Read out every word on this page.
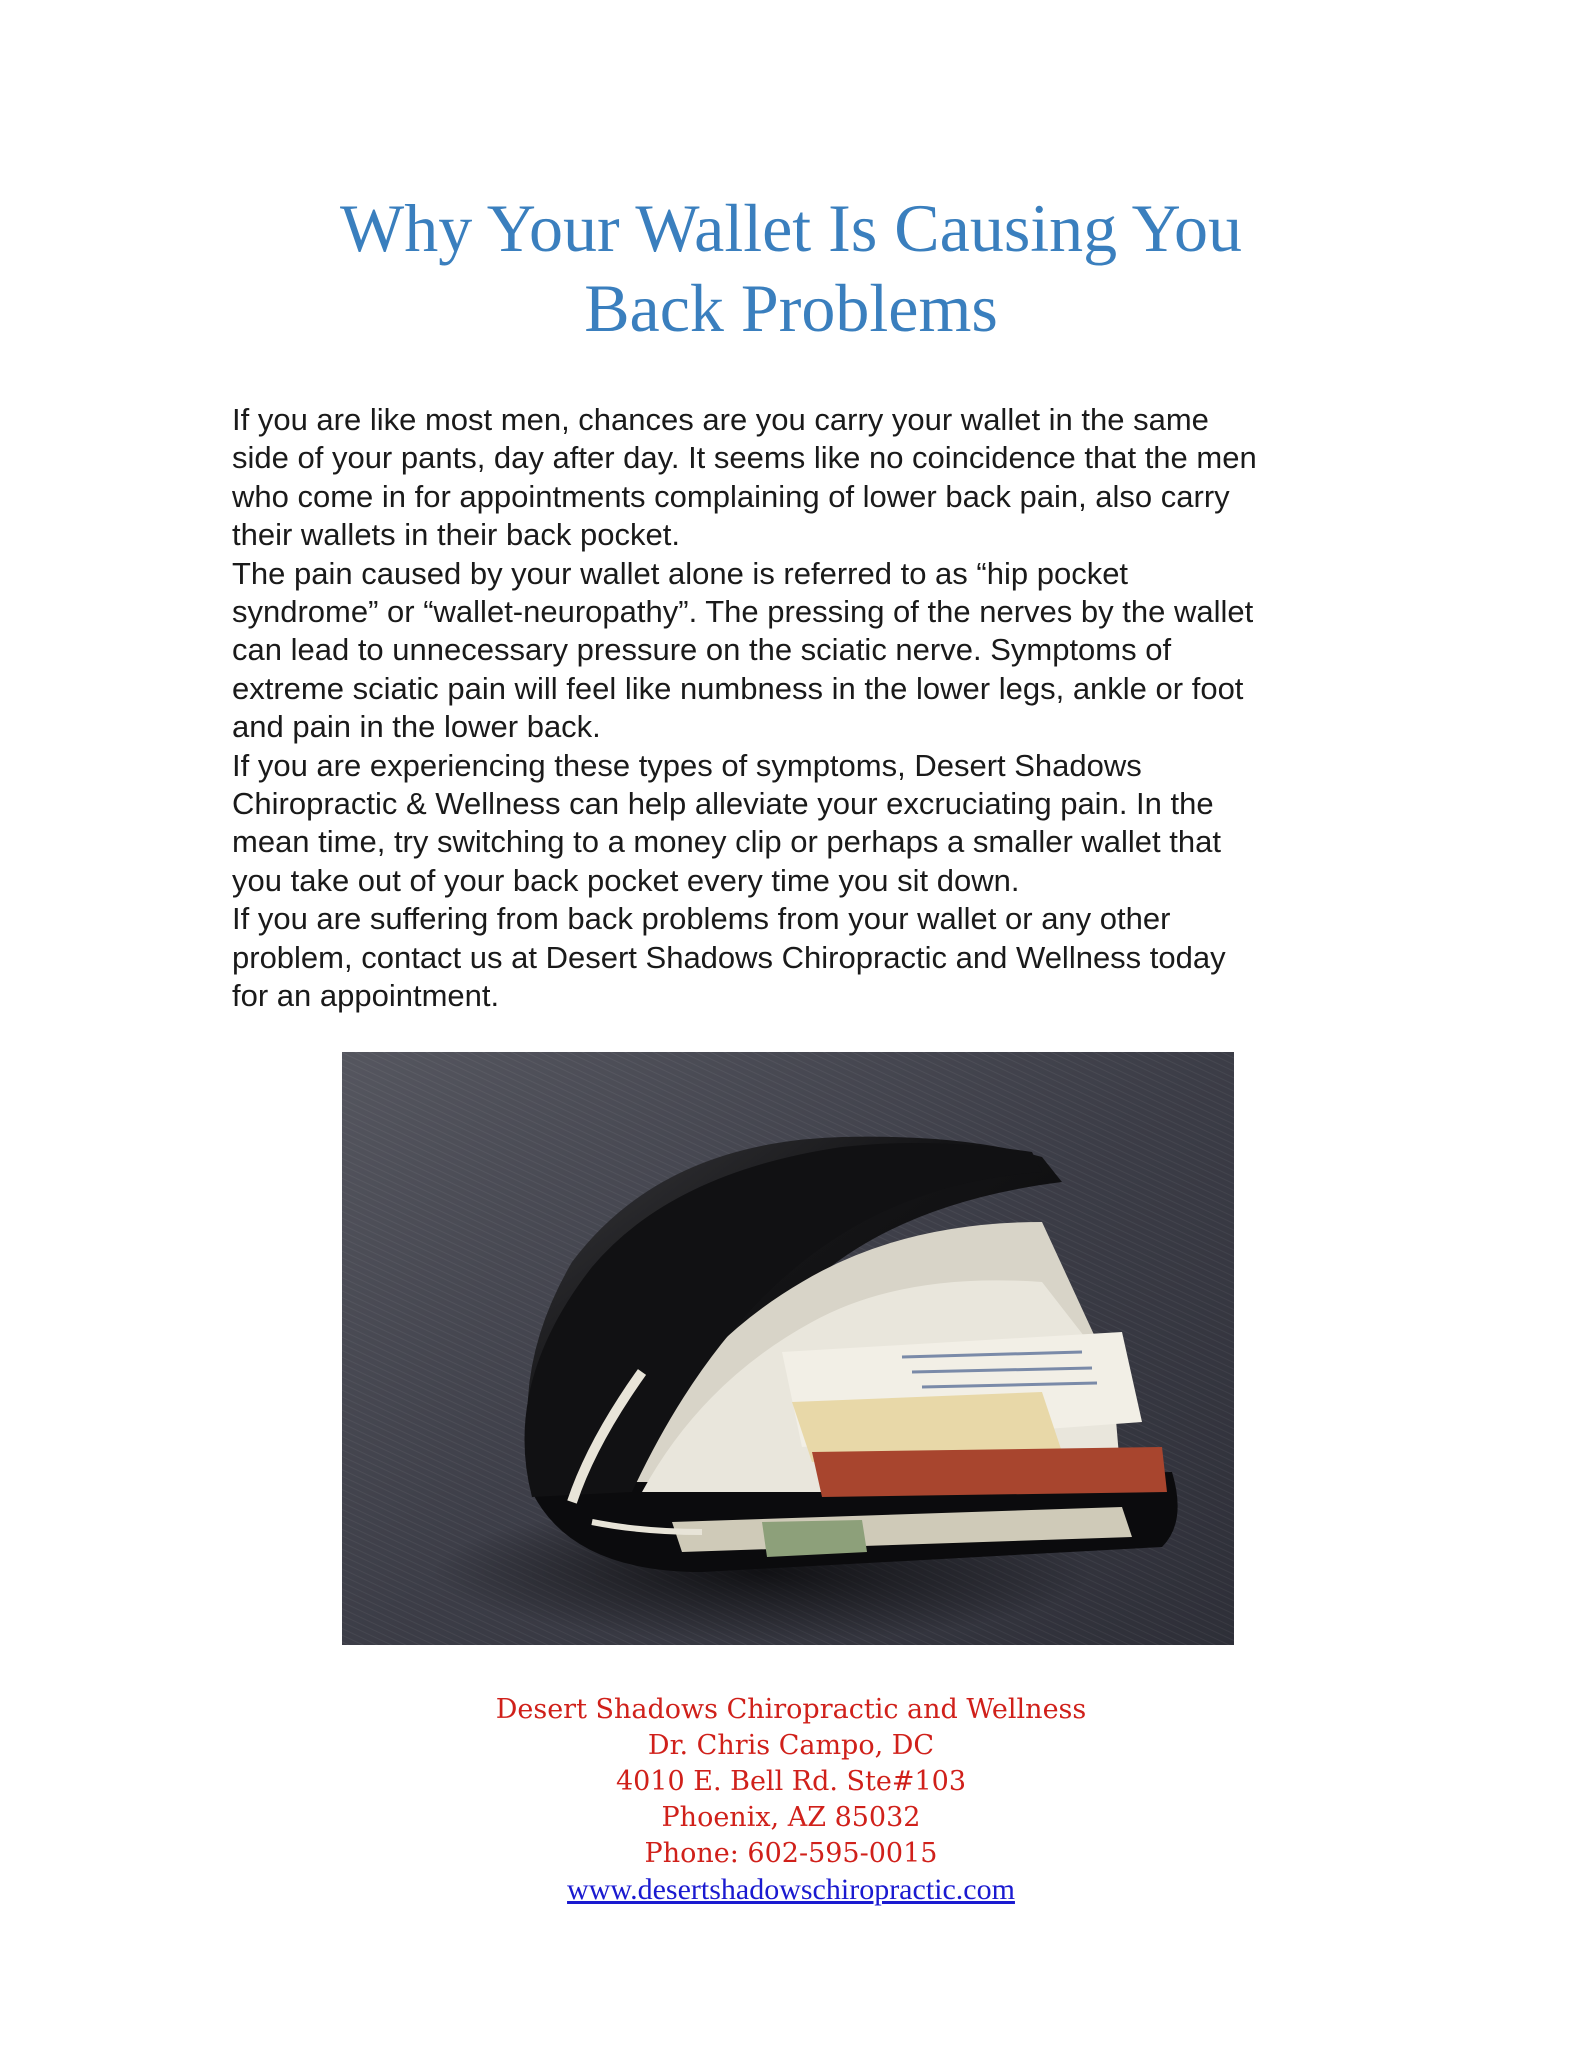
Why Your Wallet Is Causing You
Back Problems
If you are like most men, chances are you carry your wallet in the same
side of your pants, day after day. It seems like no coincidence that the men
who come in for appointments complaining of lower back pain, also carry
their wallets in their back pocket.
The pain caused by your wallet alone is referred to as “hip pocket
syndrome” or “wallet-neuropathy”. The pressing of the nerves by the wallet
can lead to unnecessary pressure on the sciatic nerve. Symptoms of
extreme sciatic pain will feel like numbness in the lower legs, ankle or foot
and pain in the lower back.
If you are experiencing these types of symptoms, Desert Shadows
Chiropractic & Wellness can help alleviate your excruciating pain. In the
mean time, try switching to a money clip or perhaps a smaller wallet that
you take out of your back pocket every time you sit down.
If you are suffering from back problems from your wallet or any other
problem, contact us at Desert Shadows Chiropractic and Wellness today
for an appointment.
Desert Shadows Chiropractic and Wellness
Dr. Chris Campo, DC
4010 E. Bell Rd. Ste#103
Phoenix, AZ 85032
Phone: 602-595-0015
www.desertshadowschiropractic.com
